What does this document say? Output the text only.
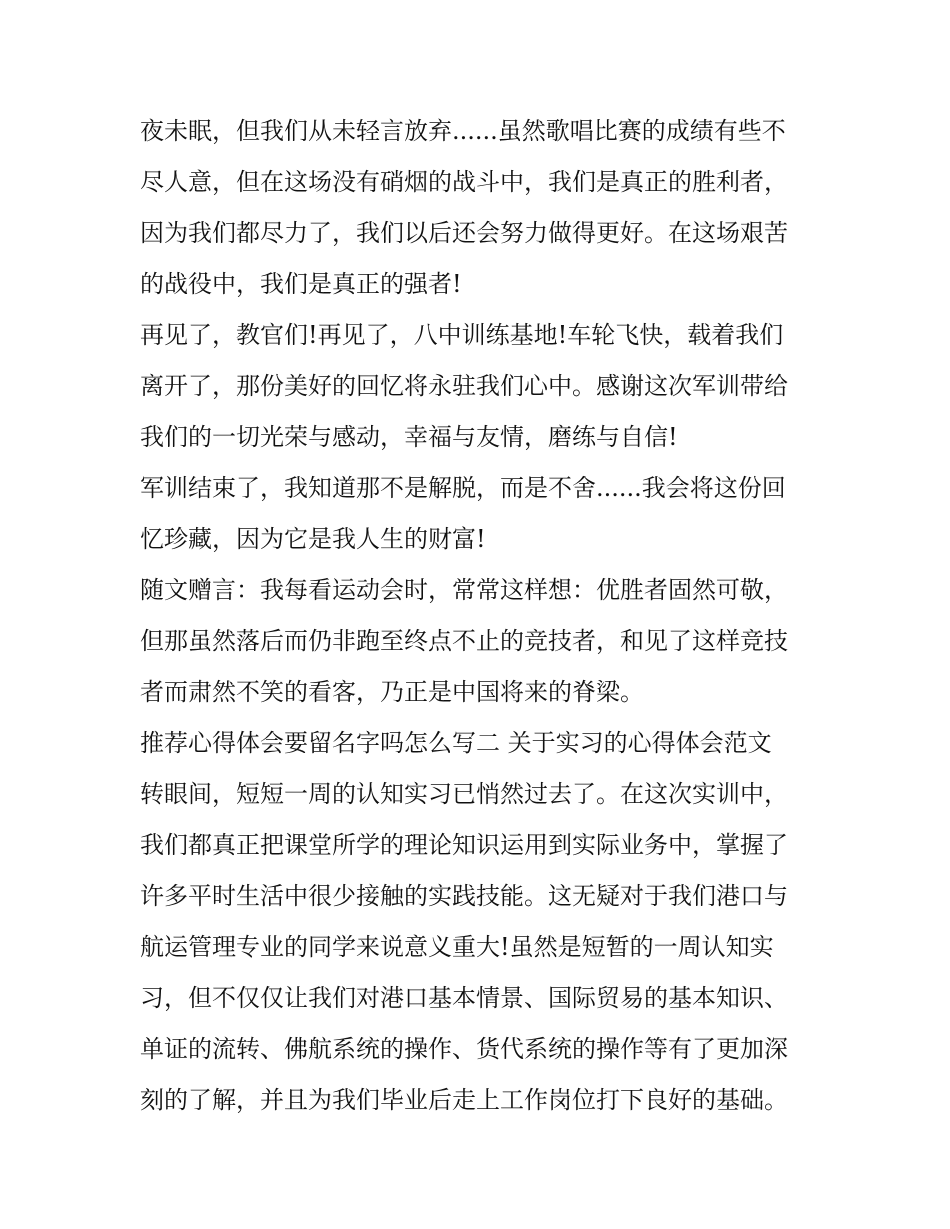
夜未眠，但我们从未轻言放弃......虽然歌唱比赛的成绩有些不
尽人意，但在这场没有硝烟的战斗中，我们是真正的胜利者，
因为我们都尽力了，我们以后还会努力做得更好。在这场艰苦
的战役中，我们是真正的强者!
再见了，教官们!再见了，八中训练基地!车轮飞快，载着我们
离开了，那份美好的回忆将永驻我们心中。感谢这次军训带给
我们的一切光荣与感动，幸福与友情，磨练与自信!
军训结束了，我知道那不是解脱，而是不舍......我会将这份回
忆珍藏，因为它是我人生的财富!
随文赠言：我每看运动会时，常常这样想：优胜者固然可敬，
但那虽然落后而仍非跑至终点不止的竞技者，和见了这样竞技
者而肃然不笑的看客，乃正是中国将来的脊梁。
推荐心得体会要留名字吗怎么写二 关于实习的心得体会范文
转眼间，短短一周的认知实习已悄然过去了。在这次实训中，
我们都真正把课堂所学的理论知识运用到实际业务中，掌握了
许多平时生活中很少接触的实践技能。这无疑对于我们港口与
航运管理专业的同学来说意义重大!虽然是短暂的一周认知实
习，但不仅仅让我们对港口基本情景、国际贸易的基本知识、
单证的流转、佛航系统的操作、货代系统的操作等有了更加深
刻的了解，并且为我们毕业后走上工作岗位打下良好的基础。
